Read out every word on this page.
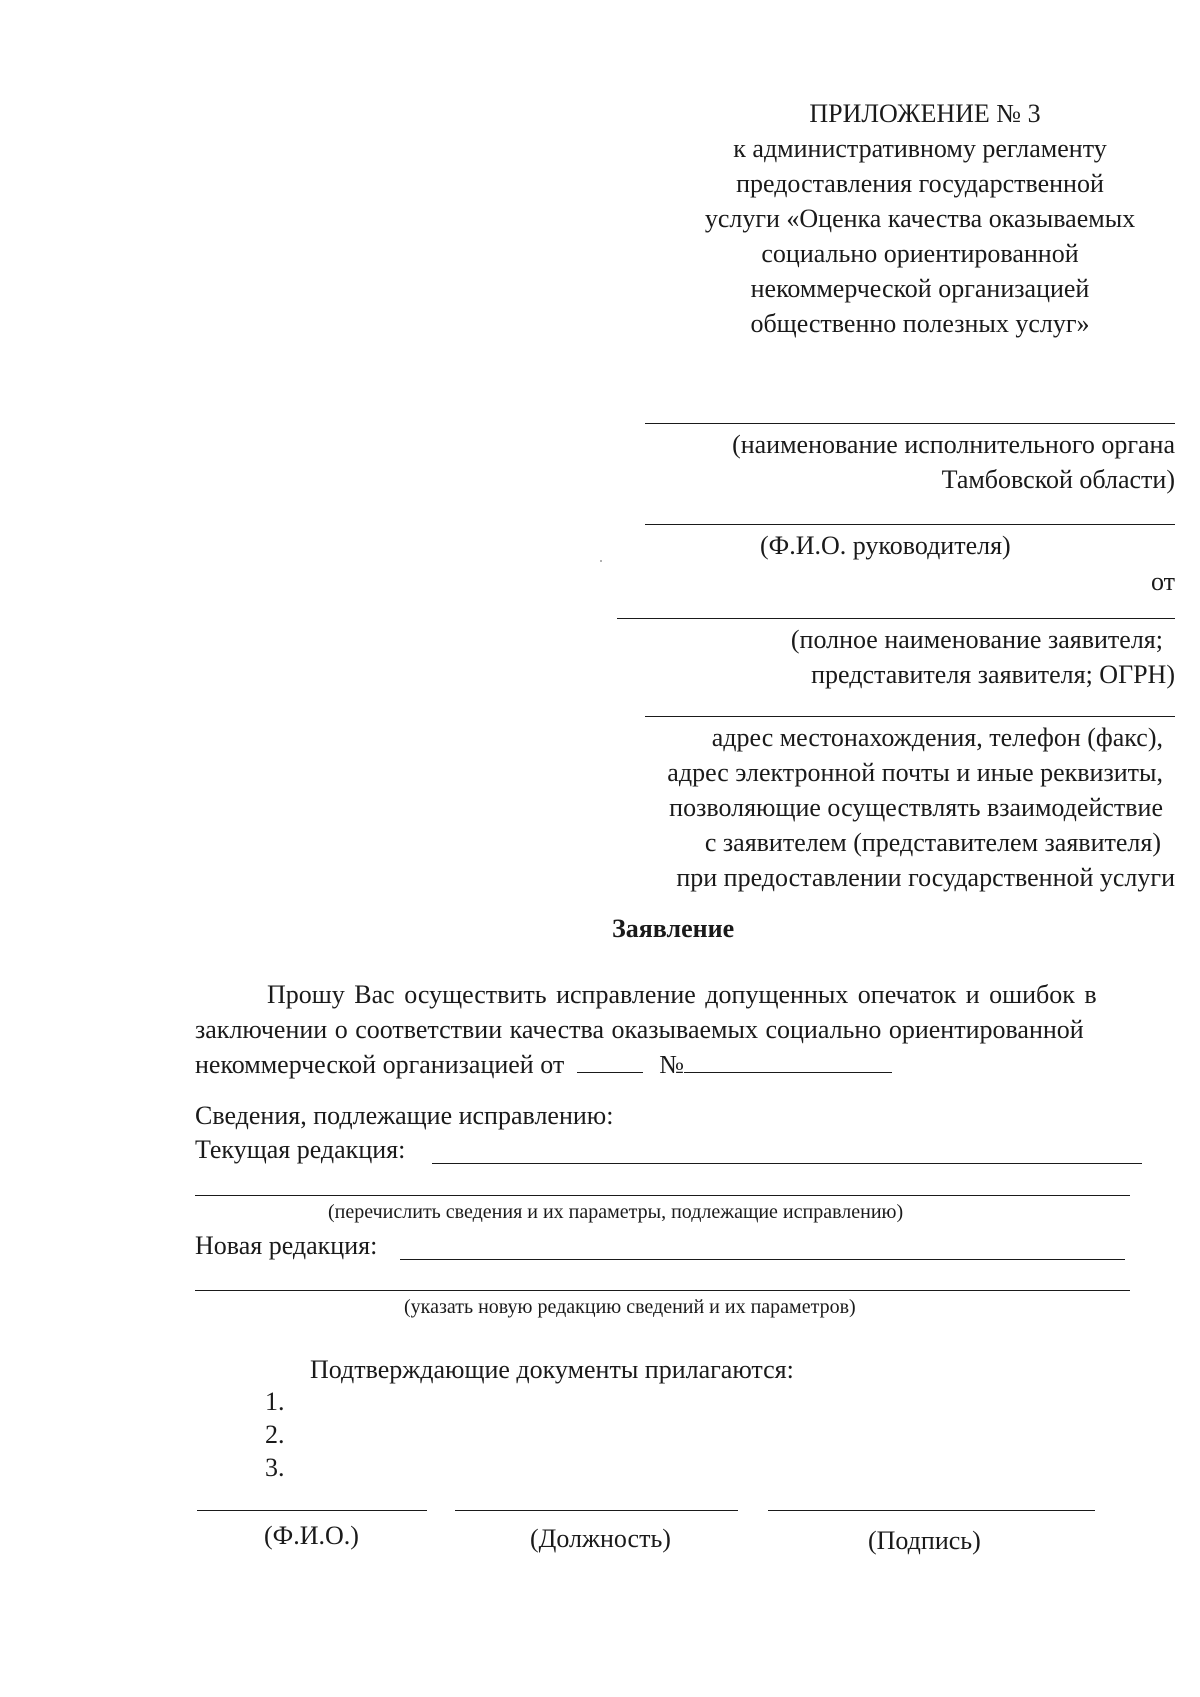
ПРИЛОЖЕНИЕ № 3
к административному регламенту
предоставления государственной
услуги «Оценка качества оказываемых
социально ориентированной
некоммерческой организацией
общественно полезных услуг»
(наименование исполнительного органа
Тамбовской области)
(Ф.И.О. руководителя)
от
(полное наименование заявителя;
представителя заявителя; ОГРН)
адрес местонахождения, телефон (факс),
адрес электронной почты и иные реквизиты,
позволяющие осуществлять взаимодействие
с заявителем (представителем заявителя)
при предоставлении государственной услуги
Заявление
Прошу Вас осуществить исправление допущенных опечаток и ошибок в
заключении о соответствии качества оказываемых социально ориентированной
некоммерческой организацией от	№
Сведения, подлежащие исправлению:
Текущая редакция:
(перечислить сведения и их параметры, подлежащие исправлению)
Новая редакция:
(указать новую редакцию сведений и их параметров)
Подтверждающие документы прилагаются:
1.
2.
3.
(Ф.И.О.)	(Должность)	(Подпись)
